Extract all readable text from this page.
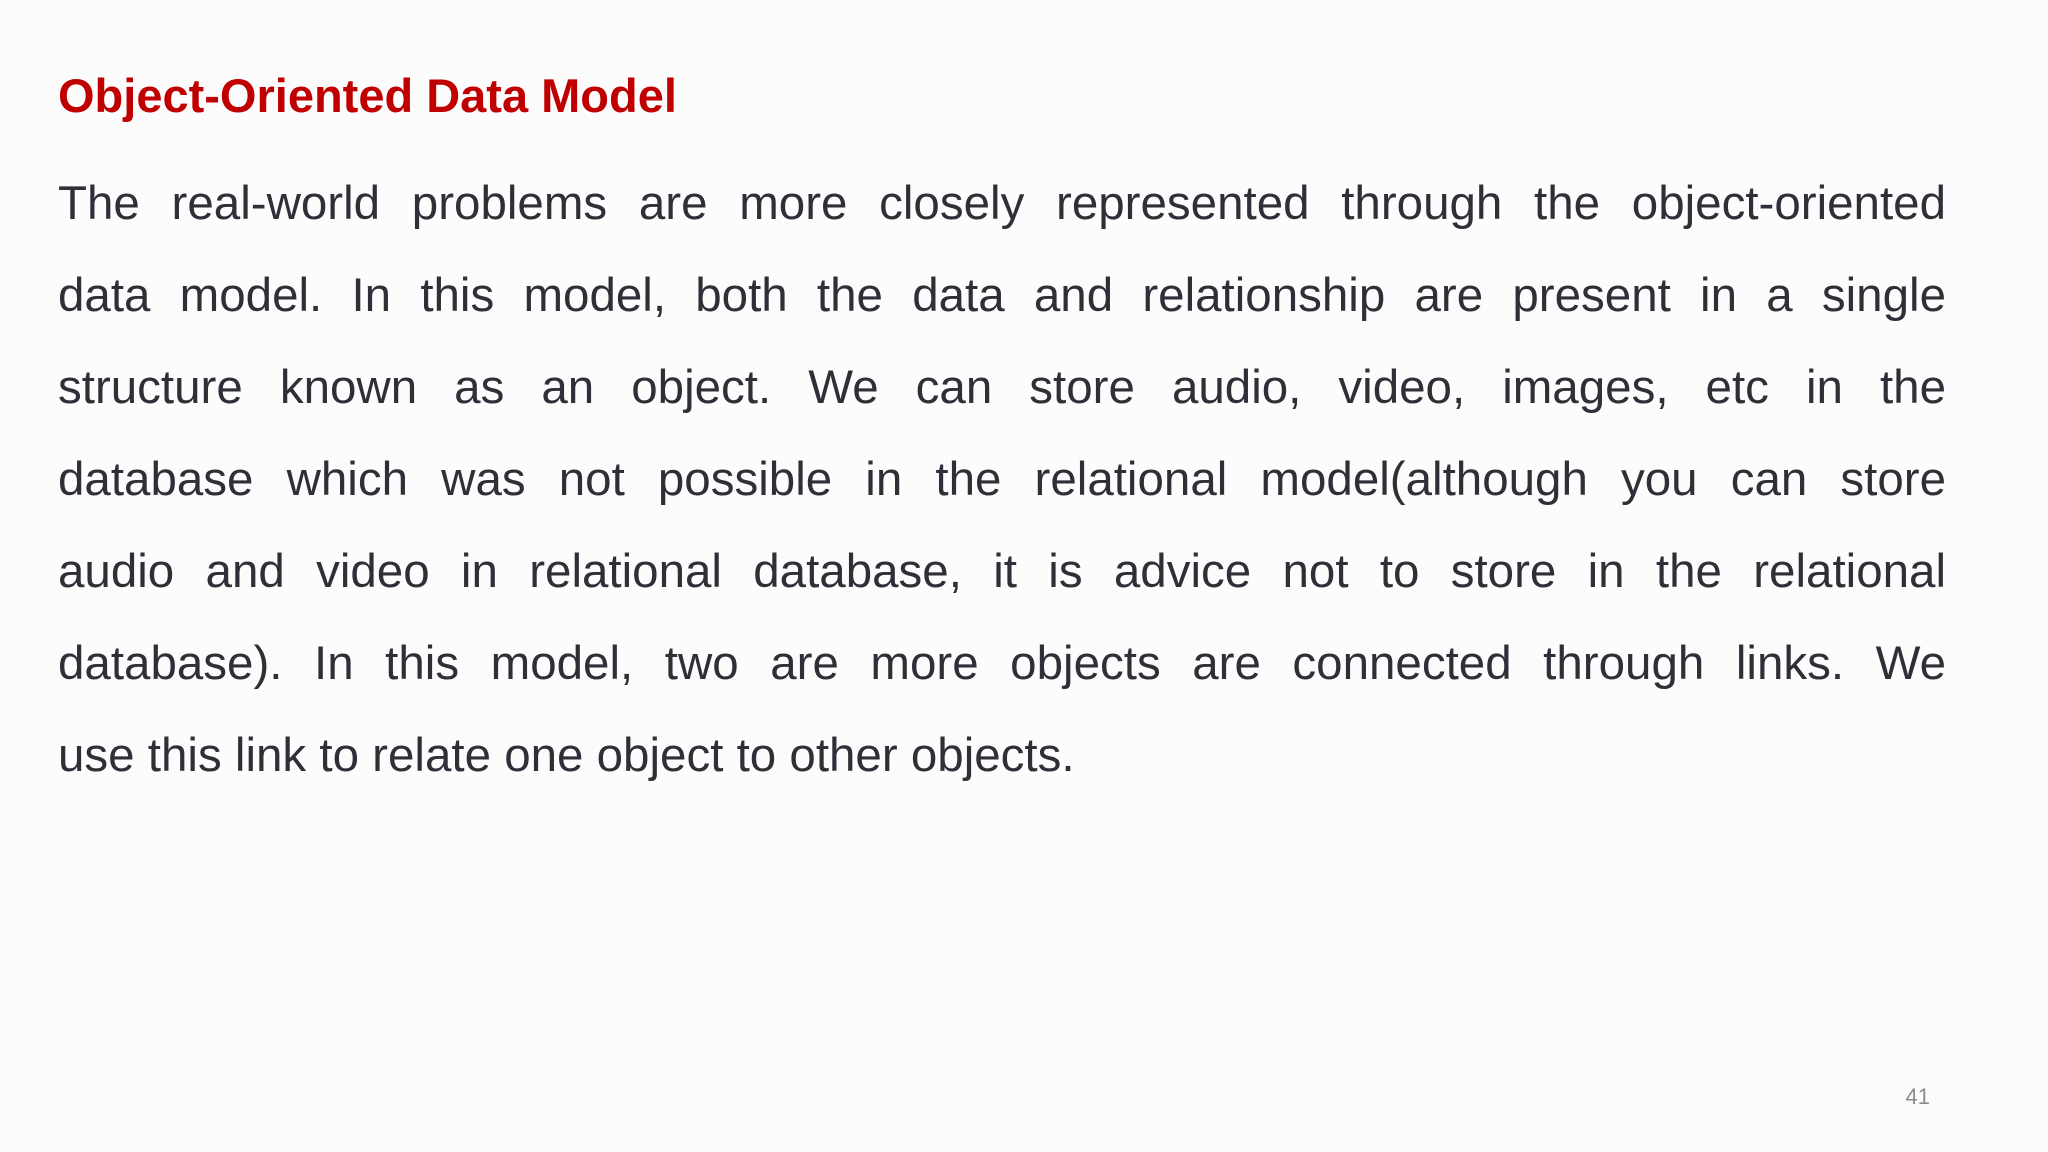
Object-Oriented Data Model
The real-world problems are more closely represented through the object-oriented
data model. In this model, both the data and relationship are present in a single
structure known as an object. We can store audio, video, images, etc in the
database which was not possible in the relational model(although you can store
audio and video in relational database, it is advice not to store in the relational
database). In this model, two are more objects are connected through links. We
use this link to relate one object to other objects.
41
